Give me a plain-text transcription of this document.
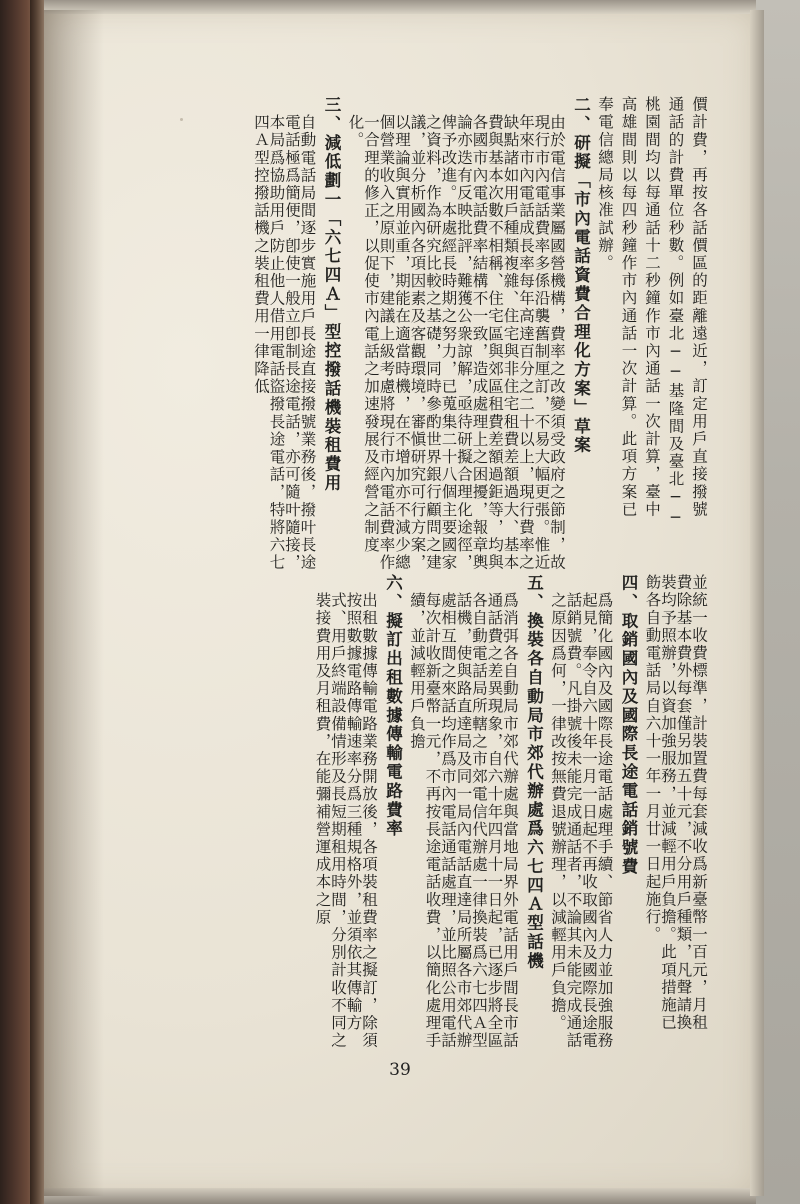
價計費，再按各話價區的距離遠近，訂定用戶直接撥號
通話的計費單位秒數。例如臺北──基隆間及臺北──
桃園間均以每通話十二秒鐘作市內通話一次計算，臺中
高雄間則以每四秒鐘作市內通話一次計算。此項方案已
奉電信總局核准試辦。
二、研擬「市內電話資費合理化方案」草案
由於電信事業屬國營機構，費率之改變須受政府之節制，故現行市內電話費率多係沿襲舊制厘訂，不易大幅更張。惟近年來市內電話成長率每年高達百分之二十以上，現行費率之缺點諸如用戶種類複雜、住宅與非住宅租費差額過大、基本費與基本次數不相稱、住宅區與郊區租費差額過鉅等，均與各國市內電話費率結構不一致，造成處理上之困擾，報章輿論亦迭有反映批評，難獲公衆諒解，亟待研擬合理化途徑，俾予改進。本處經長時期之努力，已蒐集二十八個主要國家之資料，作為研究比較之基礎，同時參酌世界銀行顧問之建議，並分析國內各項因素及客觀環境，審愼研究可行方案，以理論與實用並重，期能在適當時機，在不增加亦不減少總個營業收入之原則下，建議上級考慮將現行市內電話費率作一合理的修正，以促使市內電話之加速發展及經營之制度化。
三、減低劃一「六七四Ａ」型控撥話機裝租費用
自動電話局間逐步實施用戶長途直接撥號業務後，撥叶長途電話極爲簡便，卽使一般立卽制長途電話，亦可隨叶隨接，本局爲協助用戶防止他人借用電話盜撥長途電話，特將六七四Ａ型控撥話機之裝租費用一律降低
並統一收費標準，計裝置費每套減收爲新臺幣一百元，月租費除基本費外每套僅另加五十元，不分用戶種類，凡聲請換裝均予照辦，以資加強服務，並減輕用戶負擔。此項措施已飭各自動電話局自六十一年一月廿一日起施行。
四、取銷國內及國際長途電話銷號費
爲簡化國內及國際長途電話處理手續、節省人力並加強服務起見，奉令自六十年一月一日起不再收取國內及國際長途電話銷號費。凡掛號後未能完成通話者，不論其未能完成通話之原因爲何，一律改按無費退號辦理，以減輕用戶負擔。
五、換裝各自動局市郊代辦處爲六七四Ａ型話機
爲消弭各自動局市郊代辦處與當地局界外電話用戶間長市話通話費之差異現象，自六十年四月十一日起，已逐步將全區各自動電話局所轄之市郊電信代辦處一律換裝爲六七四Ａ型話機，使與路直達局及同一局內電話直達局所屬各市郊代辦處相互間之來話均作爲市內電話通話處理，並比照公用電話每次計收新臺幣一元，不再按長途電話收費，以簡化處理手續，並減輕用戶負擔
六、擬訂出租數據傳輸電路費率
出租數據傳輸電路業務開放後，各項裝租費率之擬訂，除須按照數據電路傳輸速率分爲三種規格外，並須依其傳輸方式、用戶終端設備情形及長短期租用時間，分別計收不同之裝接費用及月租費，在能彌補營運成本之原
39
